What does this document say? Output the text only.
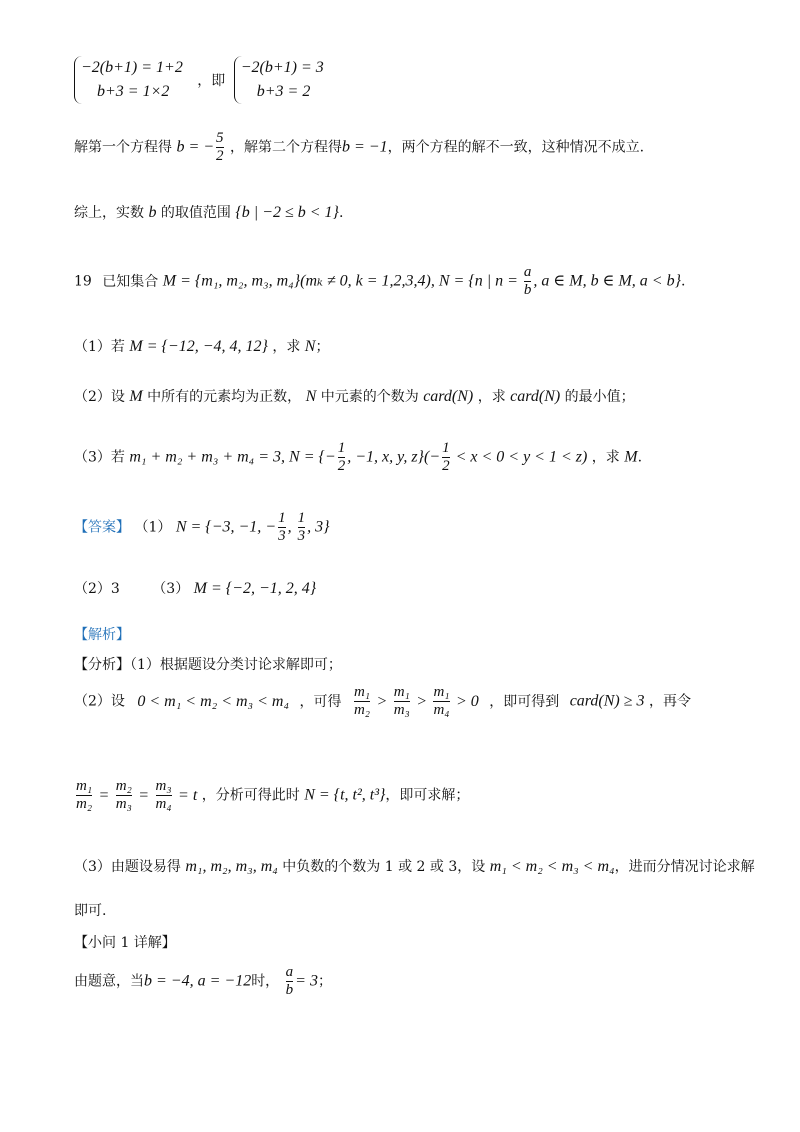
−2(b+1) = 1+2
b+3 = 1×2
，即
−2(b+1) = 3
b+3 = 2
解第一个方程得 b = − $\frac{5}{2}$ ，解第二个方程得b = −1，两个方程的解不一致，这种情况不成立.
综上，实数 b 的取值范围 {b | −2 ≤ b < 1}.
19 已知集合 M = {m₁, m₂, m₃, m₄}(mₖ ≠ 0, k = 1,2,3,4), N = {n | $n = \frac{a}{b}$ , a ∈ M, b ∈ M, a < b}.
（1）若 M = {−12, −4, 4, 12} ，求 N；
（2）设 M 中所有的元素均为正数， N 中元素的个数为 card(N) ，求 card(N) 的最小值；
（3）若 m₁ + m₂ + m₃ + m₄ = 3, N = {− $\frac{1}{2}$ , −1, x, y, $z\}(- \frac{1}{2} < x < 0 < y < 1 < z)$ ，求 M.
【答案】 （1） N = {−3, −1, − $\frac{1}{3}$ , $\frac{1}{3}$ , 3}
（2）3 （3） M = {−2, −1, 2, 4}
【解析】
【分析】（1）根据题设分类讨论求解即可；
（2）设 0 < m₁ < m₂ < m₃ < m₄ ，可得 $\frac{\text{m₁}}{\text{m₂}} > \frac{\text{m₁}}{\text{m₃}} > \frac{\text{m₁}}{\text{m₄}} > 0$ ，即可得到 card(N) ≥ 3 ，再令
$\frac{\text{m₁}}{\text{m₂}} = \frac{\text{m₂}}{\text{m₃}} = \frac{\text{m₃}}{\text{m₄}} = t$ ，分析可得此时 N = {t, t², t³}，即可求解；
（3）由题设易得 m₁, m₂, m₃, m₄ 中负数的个数为 1 或 2 或 3，设 m₁ < m₂ < m₃ < m₄，进而分情况讨论求解
即可.
【小问 1 详解】
由题意，当b = −4, a = −12时， $\frac{a}{b} = 3$；
